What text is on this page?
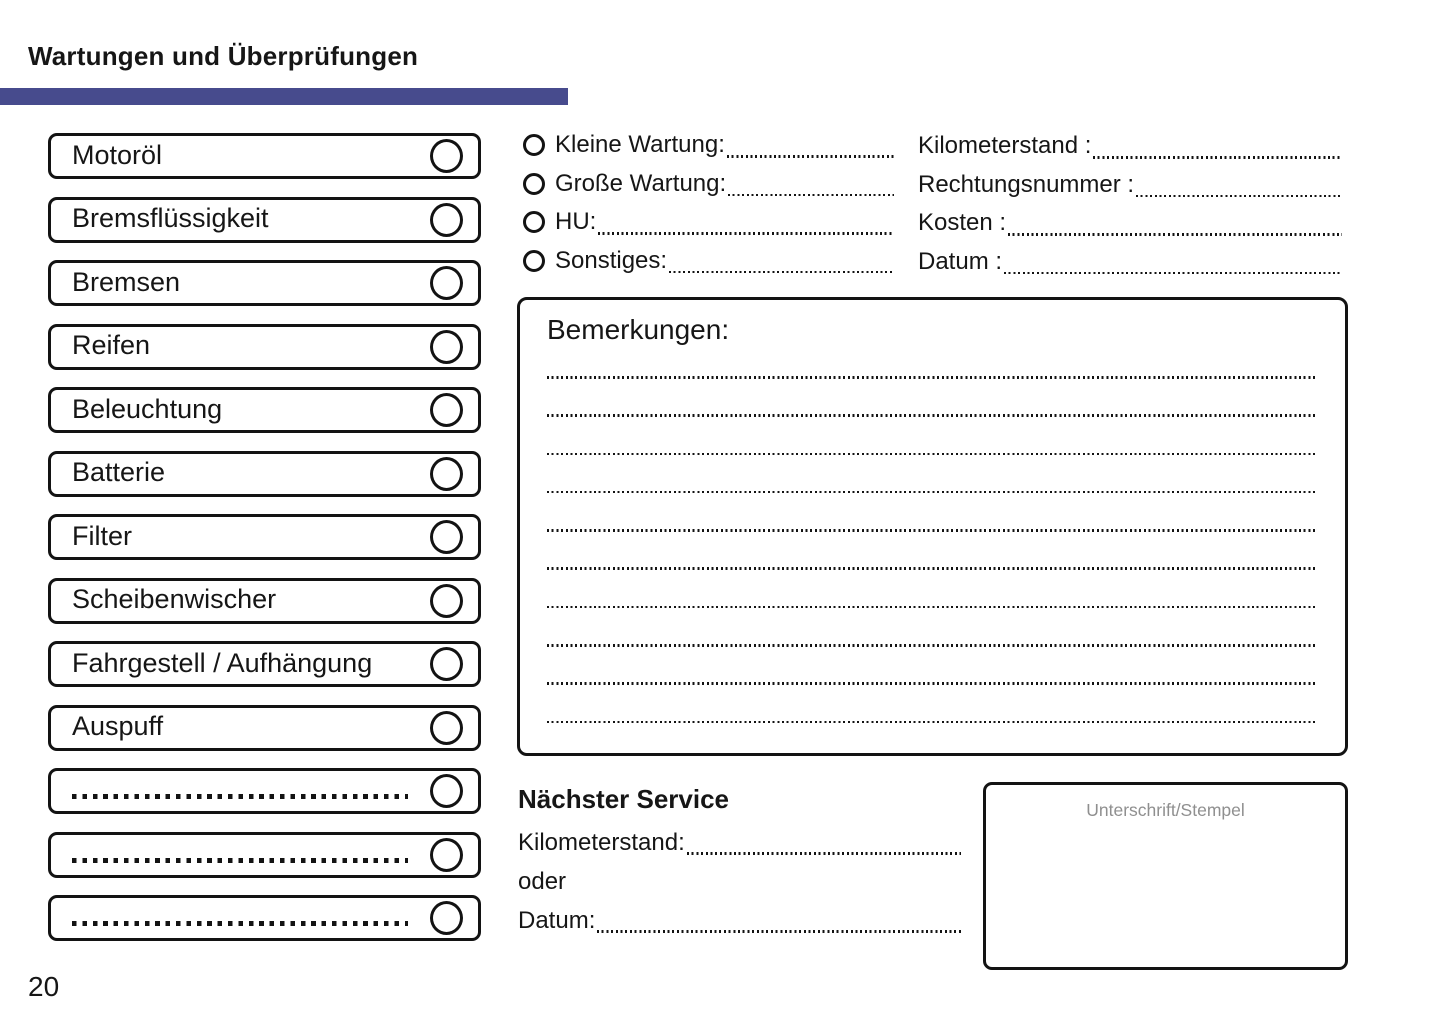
Wartungen und Überprüfungen
Motoröl
Bremsflüssigkeit
Bremsen
Reifen
Beleuchtung
Batterie
Filter
Scheibenwischer
Fahrgestell / Aufhängung
Auspuff
Kleine Wartung:
Große Wartung:
HU:
Sonstiges:
Kilometerstand :
Rechtungsnummer :
Kosten :
Datum :
Bemerkungen:
Nächster Service
Kilometerstand:
oder
Datum:
Unterschrift/Stempel
20
